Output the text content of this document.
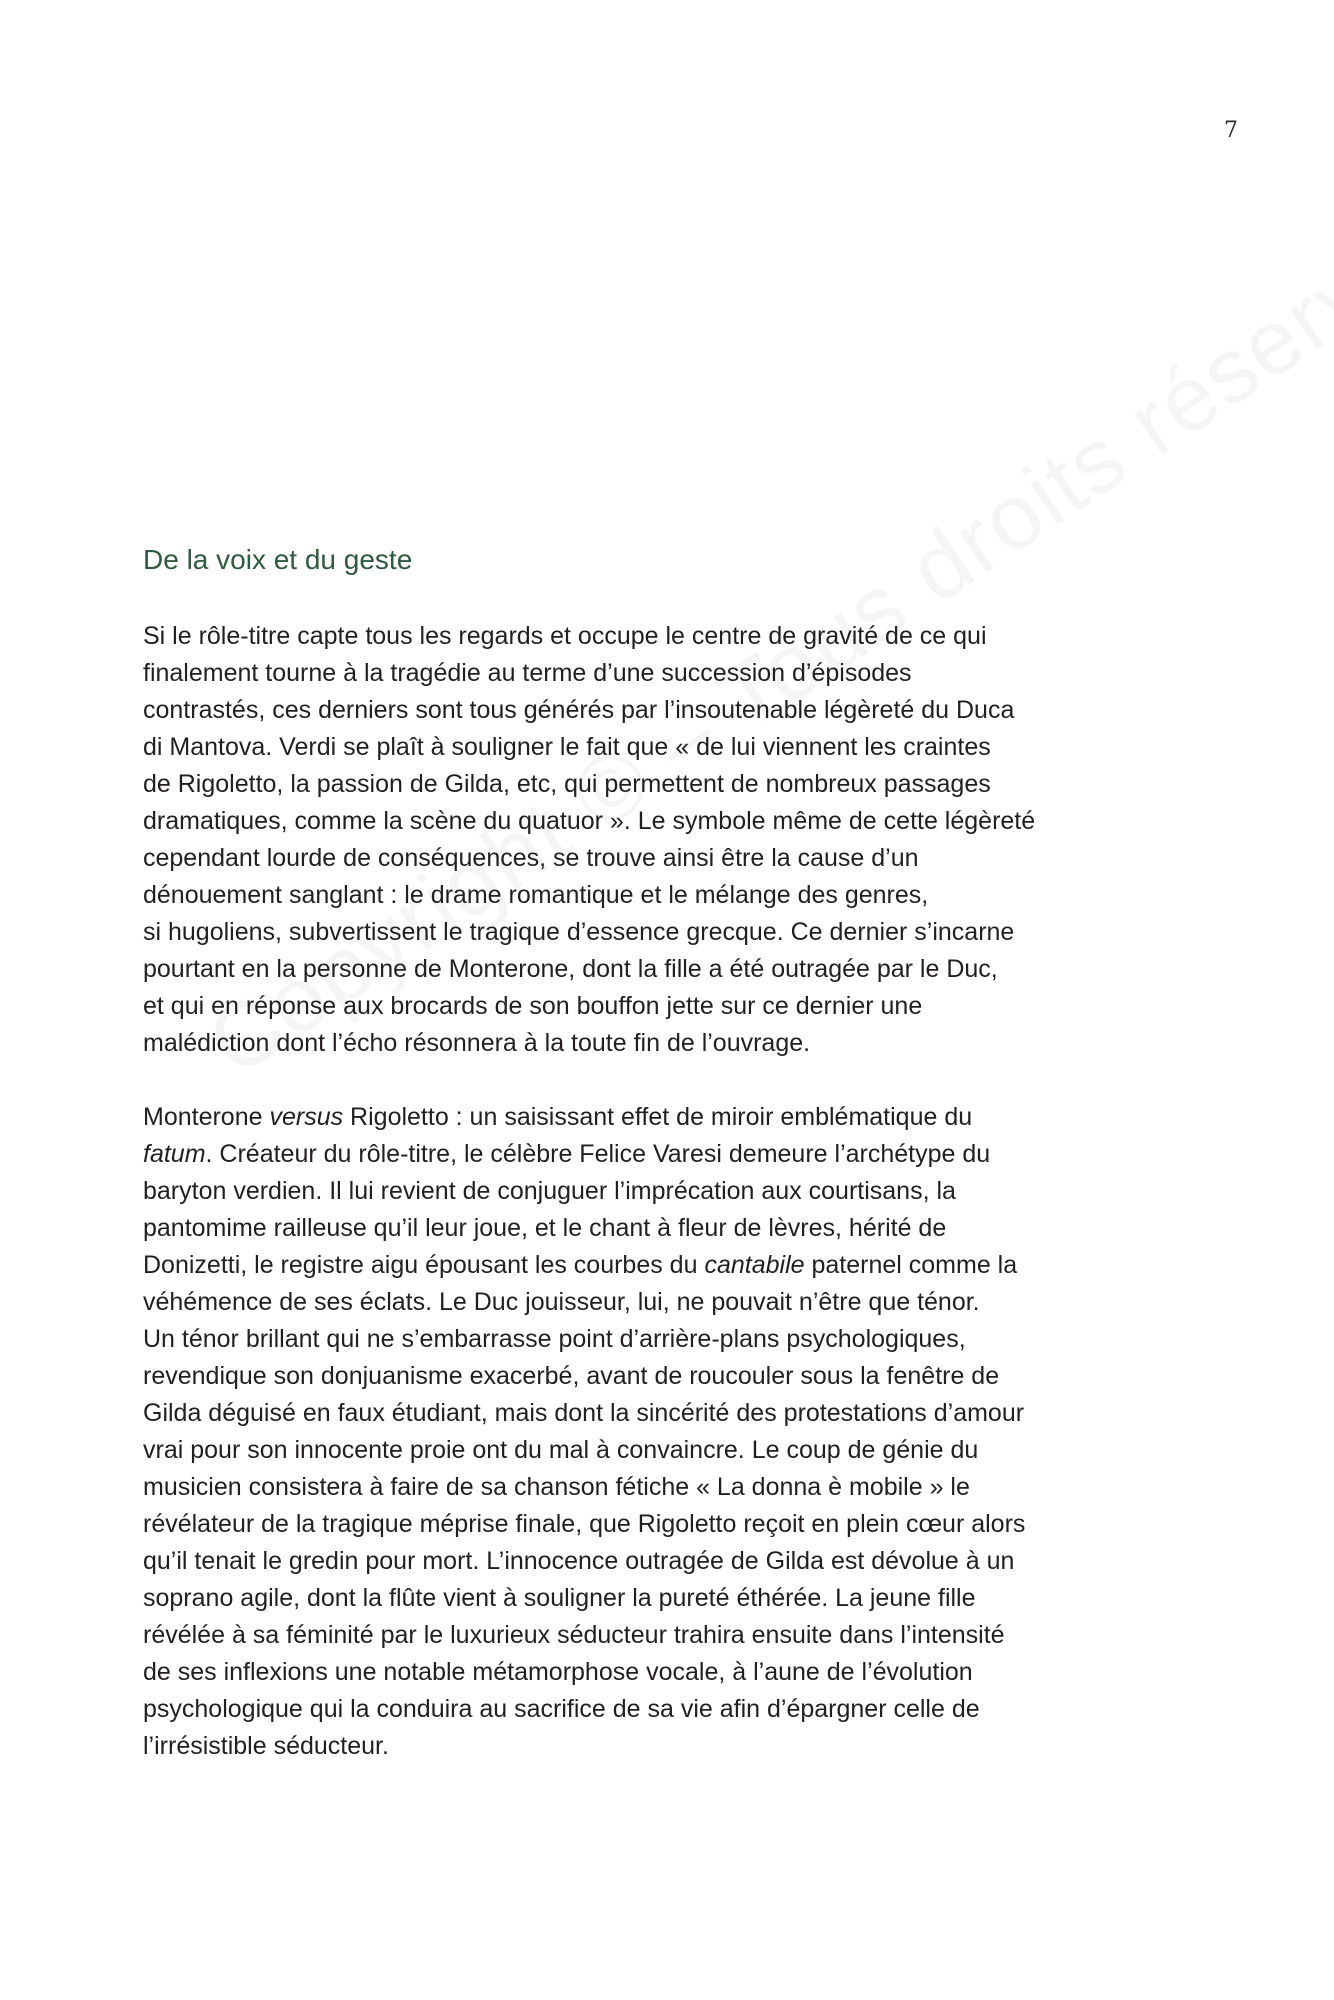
7

De la voix et du geste

Si le rôle-titre capte tous les regards et occupe le centre de gravité de ce qui
finalement tourne à la tragédie au terme d’une succession d’épisodes
contrastés, ces derniers sont tous générés par l’insoutenable légèreté du Duca
di Mantova. Verdi se plaît à souligner le fait que « de lui viennent les craintes
de Rigoletto, la passion de Gilda, etc, qui permettent de nombreux passages
dramatiques, comme la scène du quatuor ». Le symbole même de cette légèreté
cependant lourde de conséquences, se trouve ainsi être la cause d’un
dénouement sanglant : le drame romantique et le mélange des genres,
si hugoliens, subvertissent le tragique d’essence grecque. Ce dernier s’incarne
pourtant en la personne de Monterone, dont la fille a été outragée par le Duc,
et qui en réponse aux brocards de son bouffon jette sur ce dernier une
malédiction dont l’écho résonnera à la toute fin de l’ouvrage.

Monterone versus Rigoletto : un saisissant effet de miroir emblématique du
fatum. Créateur du rôle-titre, le célèbre Felice Varesi demeure l’archétype du
baryton verdien. Il lui revient de conjuguer l’imprécation aux courtisans, la
pantomime railleuse qu’il leur joue, et le chant à fleur de lèvres, hérité de
Donizetti, le registre aigu épousant les courbes du cantabile paternel comme la
véhémence de ses éclats. Le Duc jouisseur, lui, ne pouvait n’être que ténor.
Un ténor brillant qui ne s’embarrasse point d’arrière-plans psychologiques,
revendique son donjuanisme exacerbé, avant de roucouler sous la fenêtre de
Gilda déguisé en faux étudiant, mais dont la sincérité des protestations d’amour
vrai pour son innocente proie ont du mal à convaincre. Le coup de génie du
musicien consistera à faire de sa chanson fétiche « La donna è mobile » le
révélateur de la tragique méprise finale, que Rigoletto reçoit en plein cœur alors
qu’il tenait le gredin pour mort. L’innocence outragée de Gilda est dévolue à un
soprano agile, dont la flûte vient à souligner la pureté éthérée. La jeune fille
révélée à sa féminité par le luxurieux séducteur trahira ensuite dans l’intensité
de ses inflexions une notable métamorphose vocale, à l’aune de l’évolution
psychologique qui la conduira au sacrifice de sa vie afin d’épargner celle de
l’irrésistible séducteur.
